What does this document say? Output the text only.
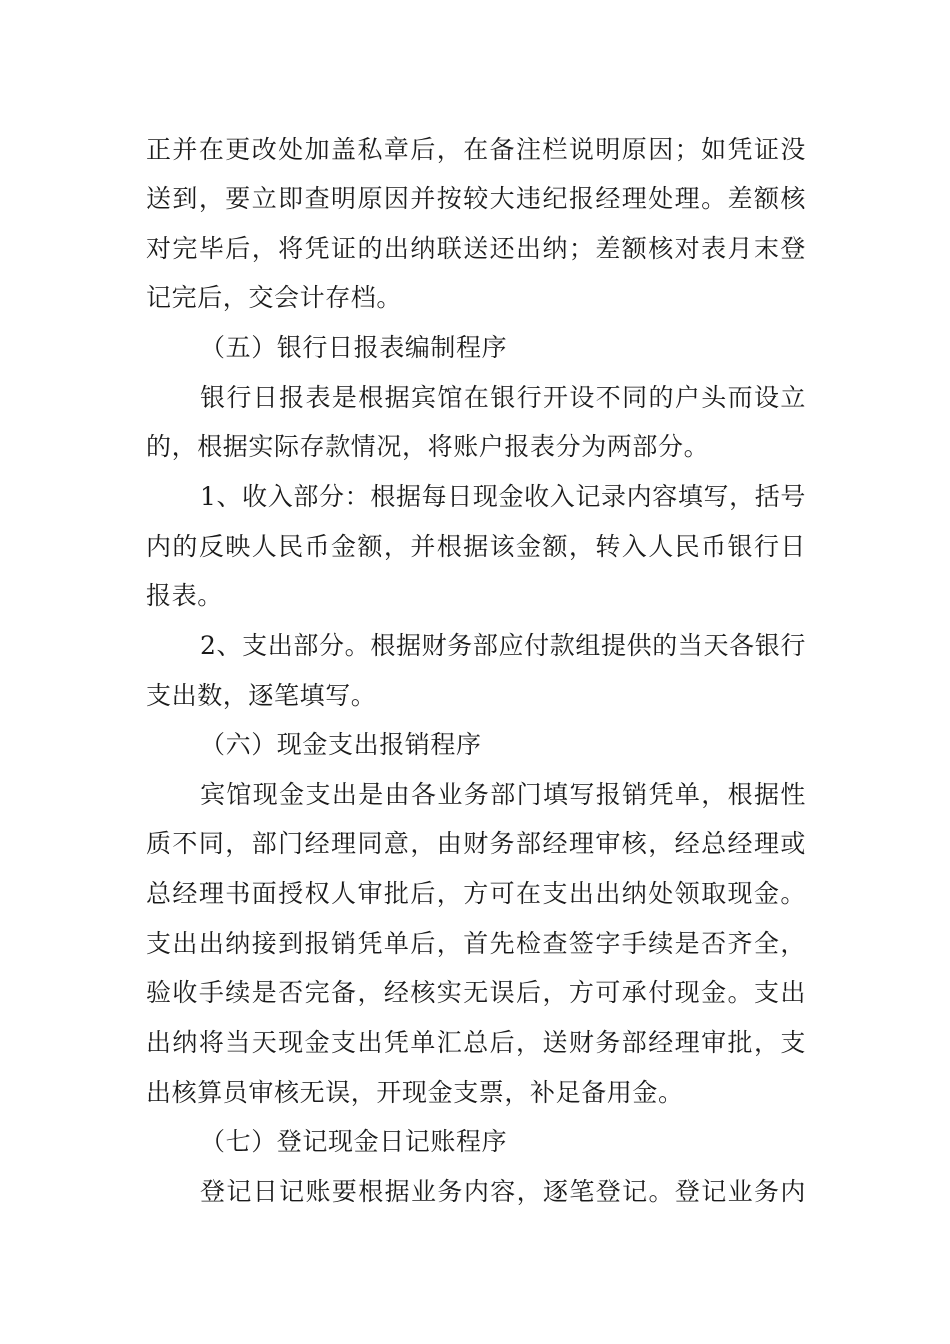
正并在更改处加盖私章后，在备注栏说明原因；如凭证没
送到，要立即查明原因并按较大违纪报经理处理。差额核
对完毕后，将凭证的出纳联送还出纳；差额核对表月末登
记完后，交会计存档。
（五）银行日报表编制程序
银行日报表是根据宾馆在银行开设不同的户头而设立
的，根据实际存款情况，将账户报表分为两部分。
1、收入部分：根据每日现金收入记录内容填写，括号
内的反映人民币金额，并根据该金额，转入人民币银行日
报表。
2、支出部分。根据财务部应付款组提供的当天各银行
支出数，逐笔填写。
（六）现金支出报销程序
宾馆现金支出是由各业务部门填写报销凭单，根据性
质不同，部门经理同意，由财务部经理审核，经总经理或
总经理书面授权人审批后，方可在支出出纳处领取现金。
支出出纳接到报销凭单后，首先检查签字手续是否齐全，
验收手续是否完备，经核实无误后，方可承付现金。支出
出纳将当天现金支出凭单汇总后，送财务部经理审批，支
出核算员审核无误，开现金支票，补足备用金。
（七）登记现金日记账程序
登记日记账要根据业务内容，逐笔登记。登记业务内
